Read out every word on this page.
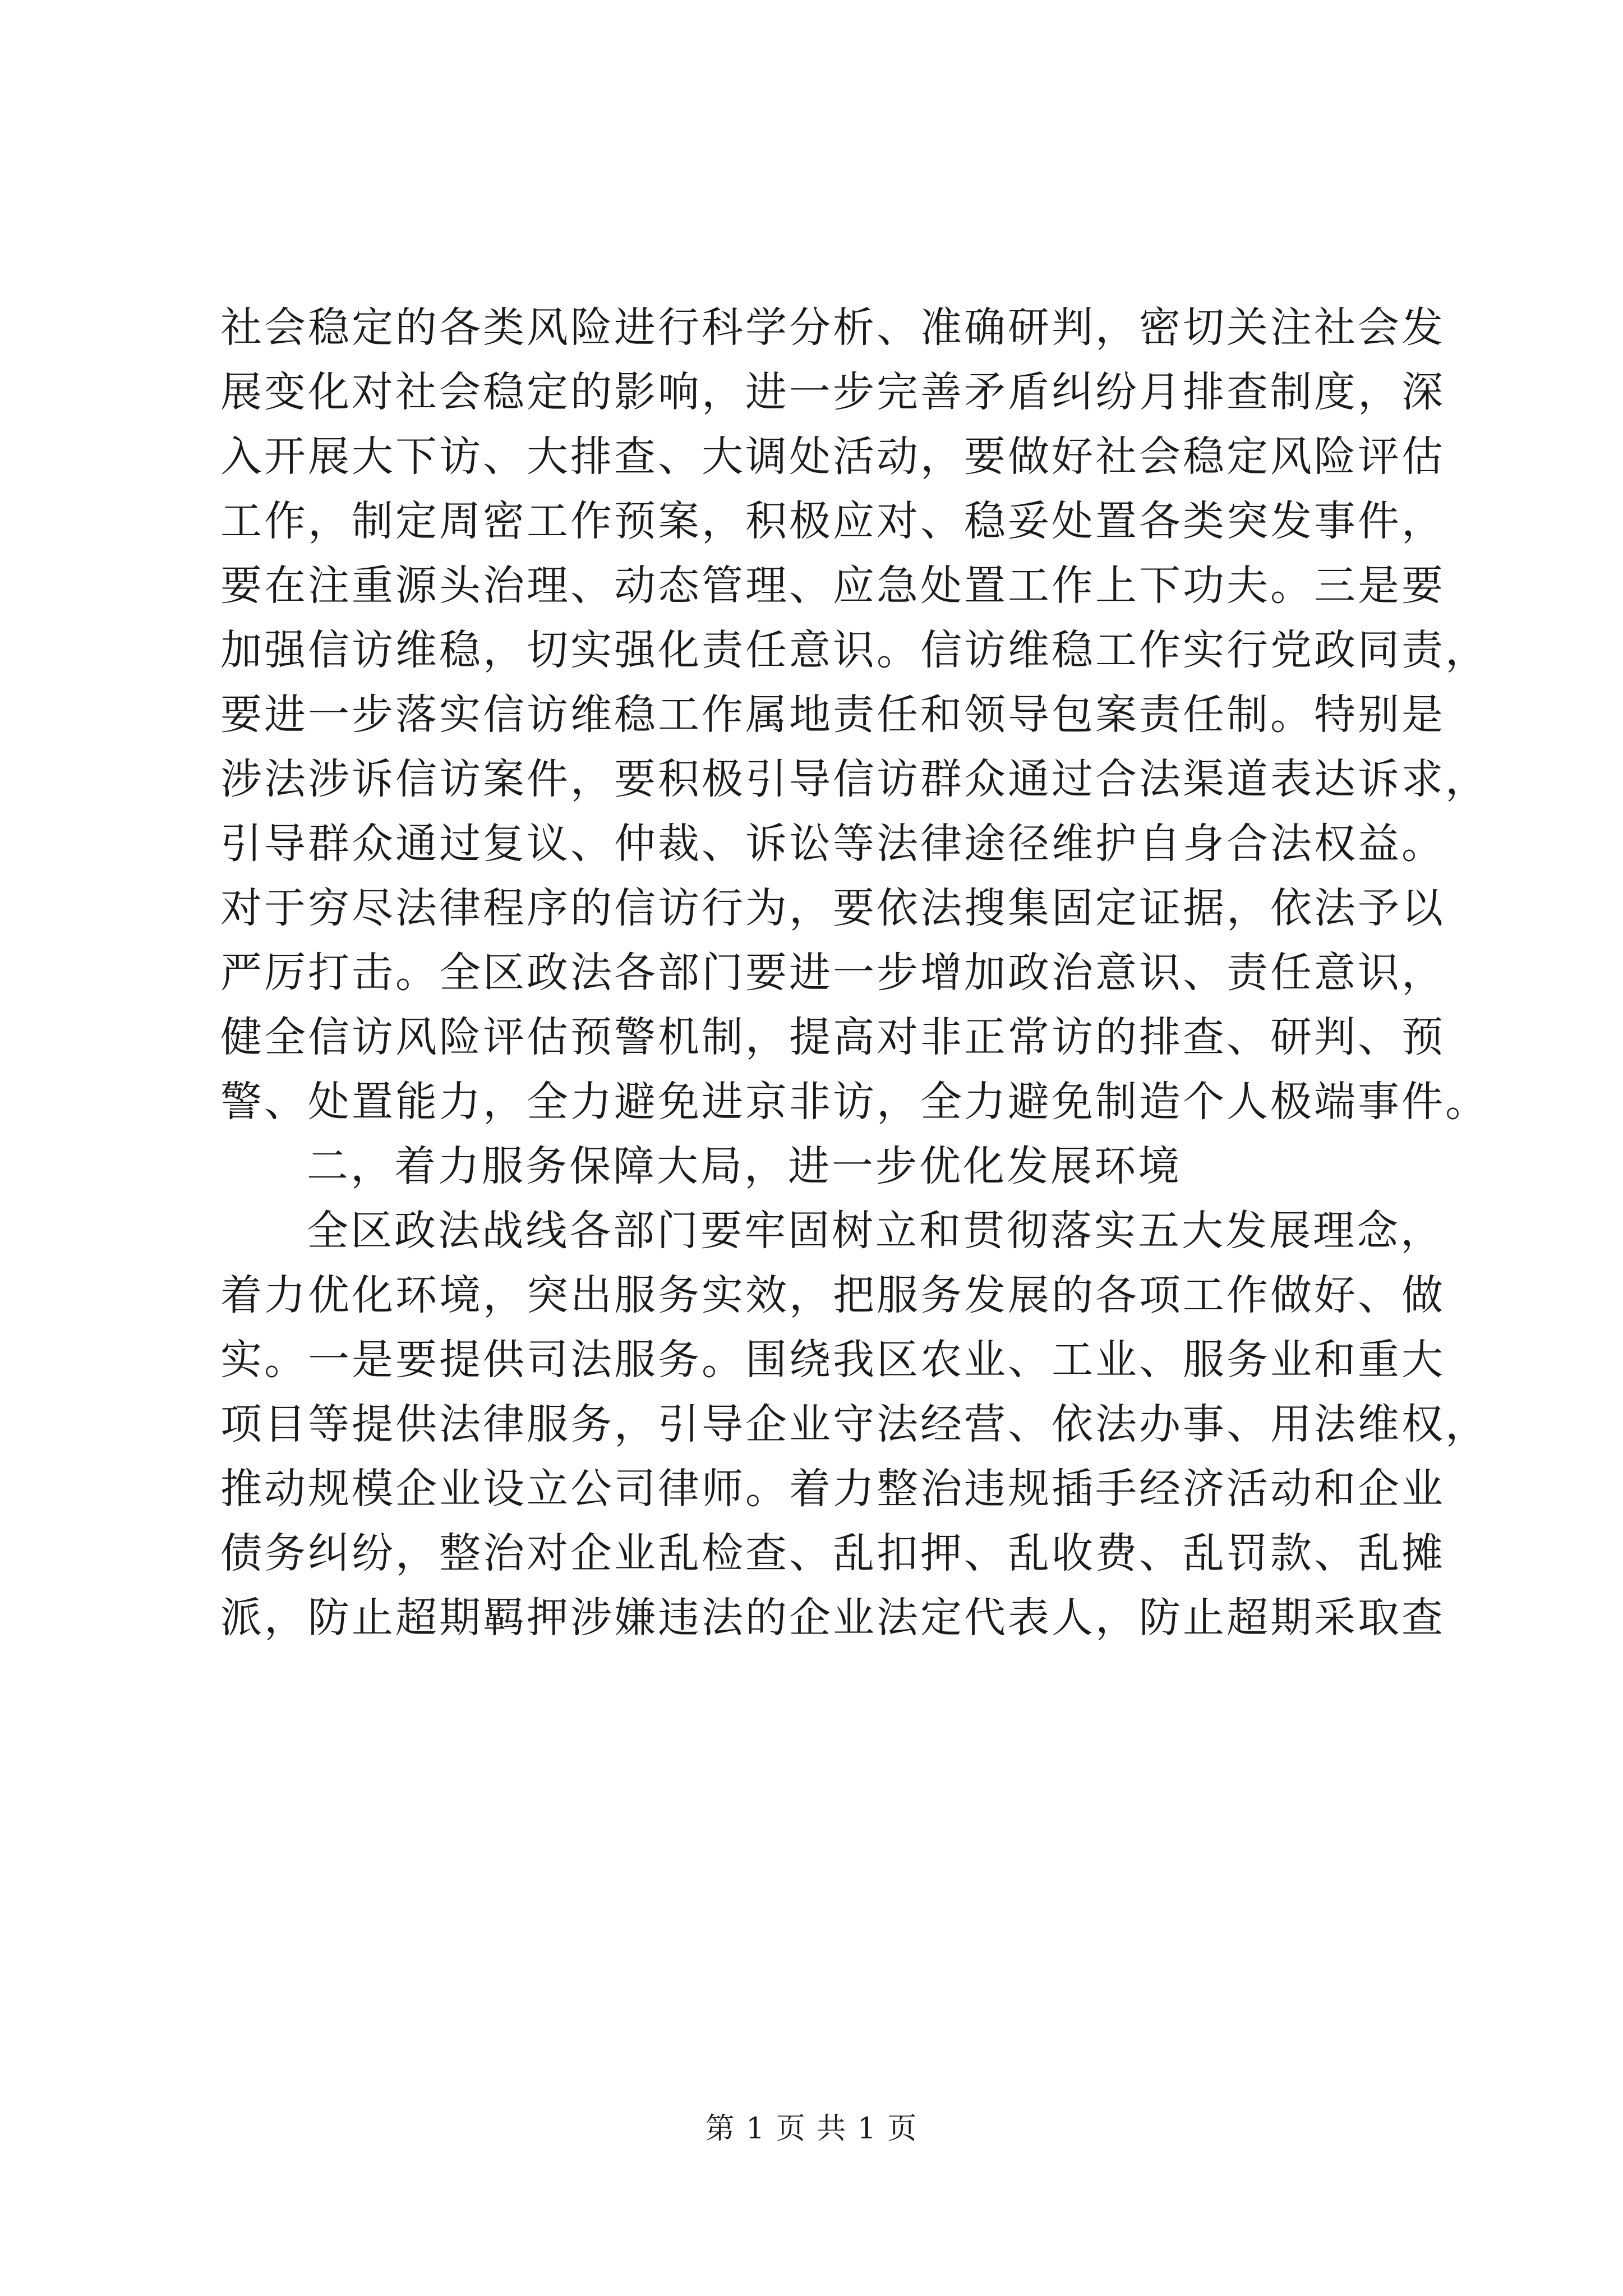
社会稳定的各类风险进行科学分析、准确研判，密切关注社会发
展变化对社会稳定的影响，进一步完善矛盾纠纷月排查制度，深
入开展大下访、大排查、大调处活动，要做好社会稳定风险评估
工作，制定周密工作预案，积极应对、稳妥处置各类突发事件，
要在注重源头治理、动态管理、应急处置工作上下功夫。三是要
加强信访维稳，切实强化责任意识。信访维稳工作实行党政同责，
要进一步落实信访维稳工作属地责任和领导包案责任制。特别是
涉法涉诉信访案件，要积极引导信访群众通过合法渠道表达诉求，
引导群众通过复议、仲裁、诉讼等法律途径维护自身合法权益。
对于穷尽法律程序的信访行为，要依法搜集固定证据，依法予以
严厉打击。全区政法各部门要进一步增加政治意识、责任意识，
健全信访风险评估预警机制，提高对非正常访的排查、研判、预
警、处置能力，全力避免进京非访，全力避免制造个人极端事件。
二，着力服务保障大局，进一步优化发展环境
全区政法战线各部门要牢固树立和贯彻落实五大发展理念，
着力优化环境，突出服务实效，把服务发展的各项工作做好、做
实。一是要提供司法服务。围绕我区农业、工业、服务业和重大
项目等提供法律服务，引导企业守法经营、依法办事、用法维权，
推动规模企业设立公司律师。着力整治违规插手经济活动和企业
债务纠纷，整治对企业乱检查、乱扣押、乱收费、乱罚款、乱摊
派，防止超期羁押涉嫌违法的企业法定代表人，防止超期采取查
第 1 页 共 1 页
